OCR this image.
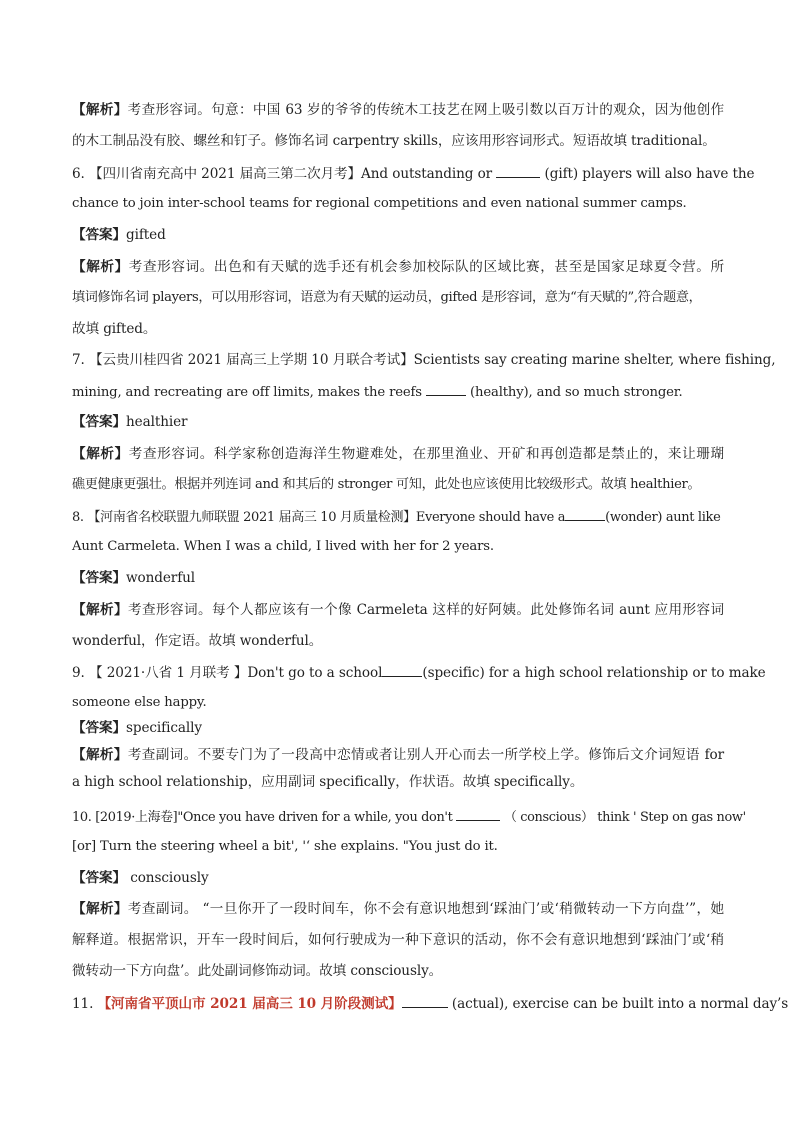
【解析】考查形容词。句意：中国 63 岁的爷爷的传统木工技艺在网上吸引数以百万计的观众，因为他创作
的木工制品没有胶、螺丝和钉子。修饰名词 carpentry skills，应该用形容词形式。短语故填 traditional。
6. 【四川省南充高中 2021 届高三第二次月考】And outstanding or	(gift) players will also have the
chance to join inter-school teams for regional competitions and even national summer camps.
【答案】gifted
【解析】考查形容词。出色和有天赋的选手还有机会参加校际队的区域比赛，甚至是国家足球夏令营。所
填词修饰名词 players，可以用形容词，语意为有天赋的运动员，gifted 是形容词，意为“有天赋的”,符合题意，
故填 gifted。
7. 【云贵川桂四省 2021 届高三上学期 10 月联合考试】Scientists say creating marine shelter, where fishing,
mining, and recreating are off limits, makes the reefs	(healthy), and so much stronger.
【答案】healthier
【解析】考查形容词。科学家称创造海洋生物避难处，在那里渔业、开矿和再创造都是禁止的，来让珊瑚
礁更健康更强壮。根据并列连词 and 和其后的 stronger 可知，此处也应该使用比较级形式。故填 healthier。
8. 【河南省名校联盟九师联盟 2021 届高三 10 月质量检测】Everyone should have a	(wonder) aunt like
Aunt Carmeleta. When I was a child, I lived with her for 2 years.
【答案】wonderful
【解析】考查形容词。每个人都应该有一个像 Carmeleta 这样的好阿姨。此处修饰名词 aunt 应用形容词
wonderful，作定语。故填 wonderful。
9. 【 2021·八省 1 月联考 】Don't go to a school	(specific) for a high school relationship or to make
someone else happy.
【答案】specifically
【解析】考查副词。不要专门为了一段高中恋情或者让别人开心而去一所学校上学。修饰后文介词短语 for
a high school relationship，应用副词 specifically，作状语。故填 specifically。
10. [2019·上海卷]"Once you have driven for a while, you don't	（ conscious） think ' Step on gas now'
[or] Turn the steering wheel a bit', '‘ she explains. "You just do it.
【答案】 consciously
【解析】考查副词。 “一旦你开了一段时间车，你不会有意识地想到‘踩油门’或‘稍微转动一下方向盘’”，她
解释道。根据常识，开车一段时间后，如何行驶成为一种下意识的活动，你不会有意识地想到‘踩油门’或‘稍
微转动一下方向盘’。此处副词修饰动词。故填 consciously。
11. 【河南省平顶山市 2021 届高三 10 月阶段测试】	(actual), exercise can be built into a normal day’s
